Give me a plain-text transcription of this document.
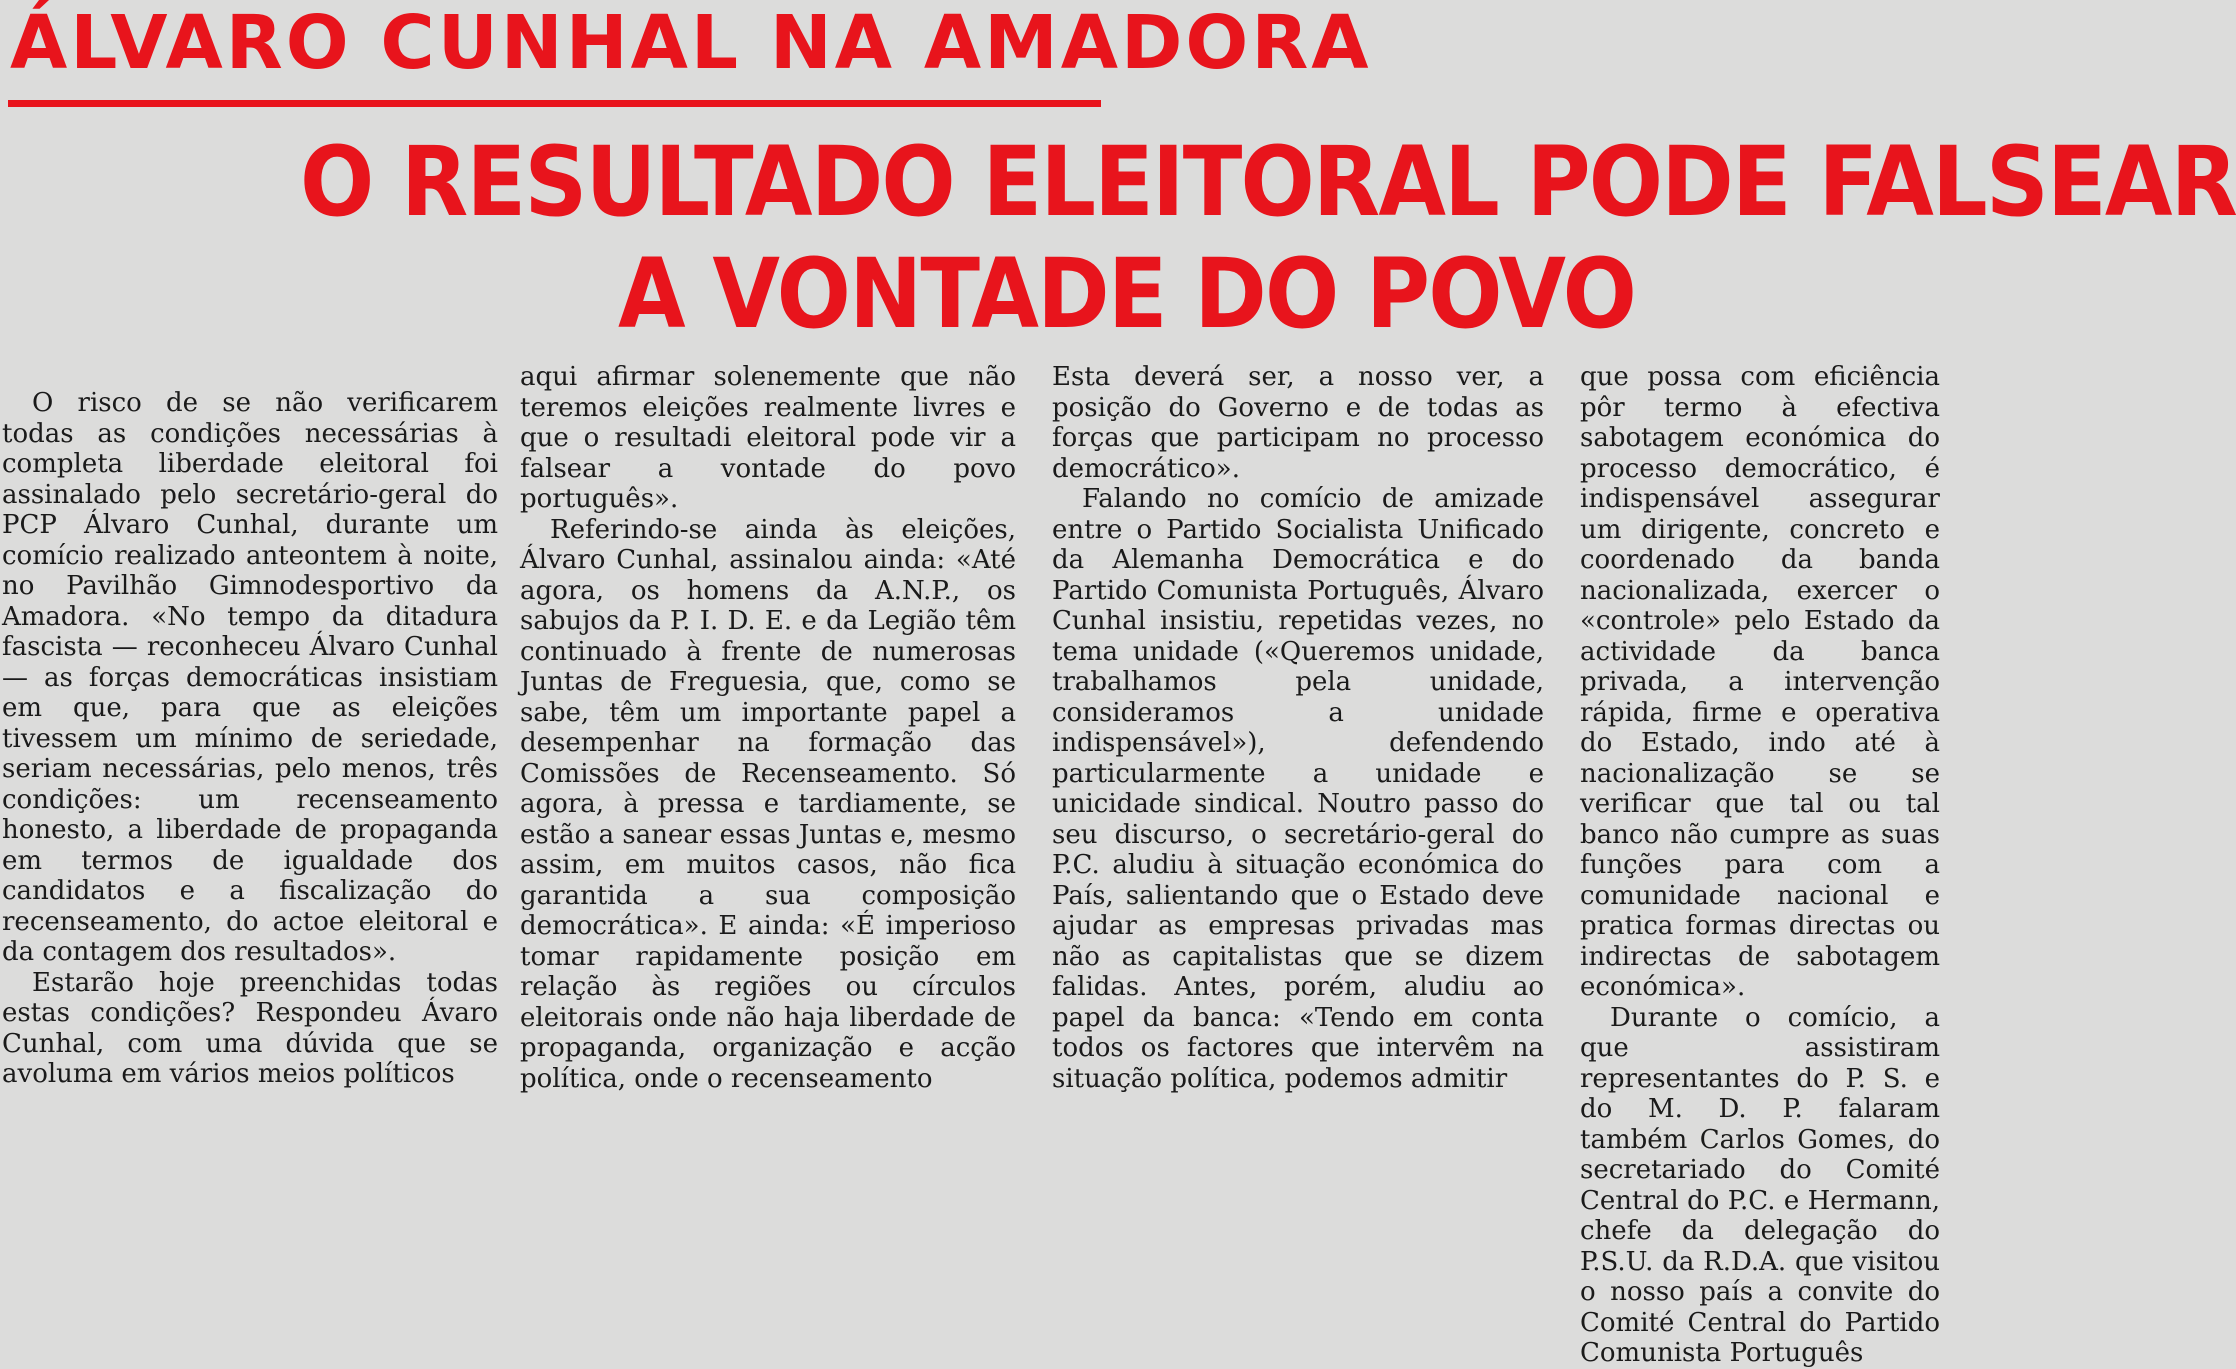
ÁLVARO CUNHAL NA AMADORA
O RESULTADO ELEITORAL PODE FALSEAR
A VONTADE DO POVO

O risco de se não verificarem todas as condições necessárias à completa liberdade eleitoral foi assinalado pelo secretário-geral do PCP Álvaro Cunhal, durante um comício realizado anteontem à noite, no Pavilhão Gimnodesportivo da Amadora. «No tempo da ditadura fascista — reconheceu Álvaro Cunhal — as forças democráticas insistiam em que, para que as eleições tivessem um mínimo de seriedade, seriam necessárias, pelo menos, três condições: um recenseamento honesto, a liberdade de propaganda em termos de igualdade dos candidatos e a fiscalização do recenseamento, do actoe eleitoral e da contagem dos resultados».

Estarão hoje preenchidas todas estas condições? Respondeu Ávaro Cunhal, com uma dúvida que se avoluma em vários meios políticos

aqui afirmar solenemente que não teremos eleições realmente livres e que o resultadi eleitoral pode vir a falsear a vontade do povo português».

Referindo-se ainda às eleições, Álvaro Cunhal, assinalou ainda: «Até agora, os homens da A.N.P., os sabujos da P. I. D. E. e da Legião têm continuado à frente de numerosas Juntas de Freguesia, que, como se sabe, têm um importante papel a desempenhar na formação das Comissões de Recenseamento. Só agora, à pressa e tardiamente, se estão a sanear essas Juntas e, mesmo assim, em muitos casos, não fica garantida a sua composição democrática». E ainda: «É imperioso tomar rapidamente posição em relação às regiões ou círculos eleitorais onde não haja liberdade de propaganda, organização e acção política, onde o recenseamento

Esta deverá ser, a nosso ver, a posição do Governo e de todas as forças que participam no processo democrático».

Falando no comício de amizade entre o Partido Socialista Unificado da Alemanha Democrática e do Partido Comunista Português, Álvaro Cunhal insistiu, repetidas vezes, no tema unidade («Queremos unidade, trabalhamos pela unidade, consideramos a unidade indispensável»), defendendo particularmente a unidade e unicidade sindical. Noutro passo do seu discurso, o secretário-geral do P.C. aludiu à situação económica do País, salientando que o Estado deve ajudar as empresas privadas mas não as capitalistas que se dizem falidas. Antes, porém, aludiu ao papel da banca: «Tendo em conta todos os factores que intervêm na situação política, podemos admitir

que possa com eficiência pôr termo à efectiva sabotagem económica do processo democrático, é indispensável assegurar um dirigente, concreto e coordenado da banda nacionalizada, exercer o «controle» pelo Estado da actividade da banca privada, a intervenção rápida, firme e operativa do Estado, indo até à nacionalização se se verificar que tal ou tal banco não cumpre as suas funções para com a comunidade nacional e pratica formas directas ou indirectas de sabotagem económica».

Durante o comício, a que assistiram representantes do P. S. e do M. D. P. falaram também Carlos Gomes, do secretariado do Comité Central do P.C. e Hermann, chefe da delegação do P.S.U. da R.D.A. que visitou o nosso país a convite do Comité Central do Partido Comunista Português
